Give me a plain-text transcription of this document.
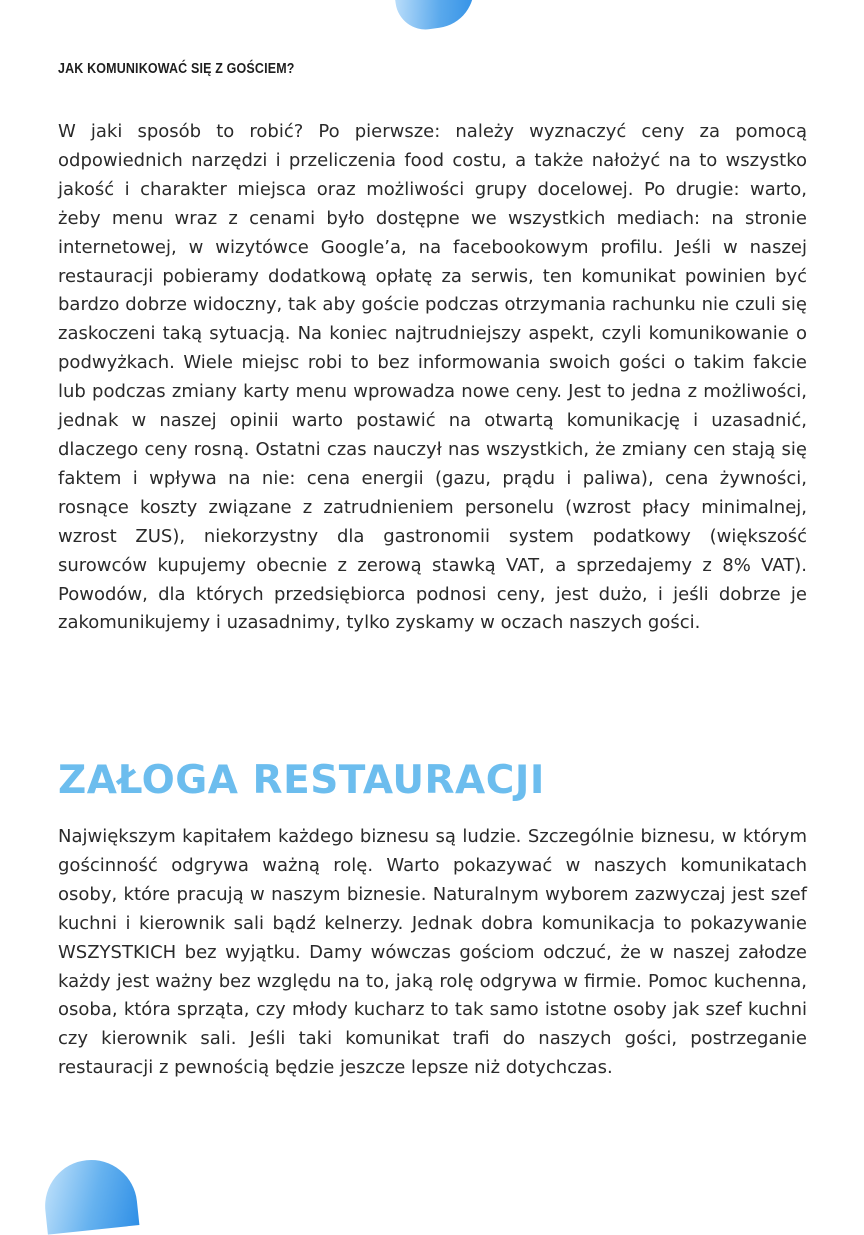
JAK KOMUNIKOWAĆ SIĘ Z GOŚCIEM?

W jaki sposób to robić? Po pierwsze: należy wyznaczyć ceny za pomocą odpowiednich narzędzi i przeliczenia food costu, a także nałożyć na to wszystko jakość i charakter miejsca oraz możliwości grupy docelowej. Po drugie: warto, żeby menu wraz z cenami było dostępne we wszystkich mediach: na stronie internetowej, w wizytówce Google’a, na facebookowym profilu. Jeśli w naszej restauracji pobieramy dodatkową opłatę za serwis, ten komunikat powinien być bardzo dobrze widoczny, tak aby goście podczas otrzymania rachunku nie czuli się zaskoczeni taką sytuacją. Na koniec najtrudniejszy aspekt, czyli komunikowanie o podwyżkach. Wiele miejsc robi to bez informowania swoich gości o takim fakcie lub podczas zmiany karty menu wprowadza nowe ceny. Jest to jedna z możliwości, jednak w naszej opinii warto postawić na otwartą komunikację i uzasadnić, dlaczego ceny rosną. Ostatni czas nauczył nas wszystkich, że zmiany cen stają się faktem i wpływa na nie: cena energii (gazu, prądu i paliwa), cena żywności, rosnące koszty związane z zatrudnieniem personelu (wzrost płacy minimalnej, wzrost ZUS), niekorzystny dla gastronomii system podatkowy (większość surowców kupujemy obecnie z zerową stawką VAT, a sprzedajemy z 8% VAT). Powodów, dla których przedsiębiorca podnosi ceny, jest dużo, i jeśli dobrze je zakomunikujemy i uzasadnimy, tylko zyskamy w oczach naszych gości.

ZAŁOGA RESTAURACJI

Największym kapitałem każdego biznesu są ludzie. Szczególnie biznesu, w którym gościnność odgrywa ważną rolę. Warto pokazywać w naszych komunikatach osoby, które pracują w naszym biznesie. Naturalnym wyborem zazwyczaj jest szef kuchni i kierownik sali bądź kelnerzy. Jednak dobra komunikacja to pokazywanie WSZYSTKICH bez wyjątku. Damy wówczas gościom odczuć, że w naszej załodze każdy jest ważny bez względu na to, jaką rolę odgrywa w firmie. Pomoc kuchenna, osoba, która sprząta, czy młody kucharz to tak samo istotne osoby jak szef kuchni czy kierownik sali. Jeśli taki komunikat trafi do naszych gości, postrzeganie restauracji z pewnością będzie jeszcze lepsze niż dotychczas.
